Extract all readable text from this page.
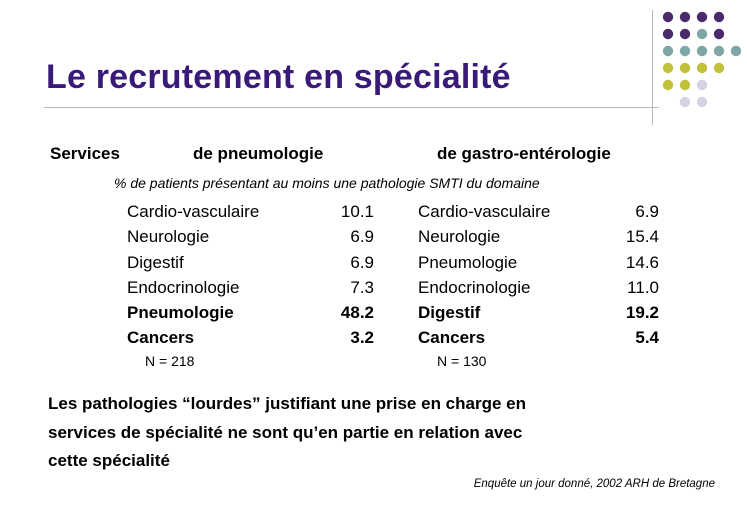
Le recrutement en spécialité
Services	de pneumologie	de gastro-entérologie
% de patients présentant au moins une pathologie SMTI du domaine
Cardio-vasculaire	10.1
Neurologie	6.9
Digestif	6.9
Endocrinologie	7.3
Pneumologie	48.2
Cancers	3.2
N = 218
Cardio-vasculaire	6.9
Neurologie	15.4
Pneumologie	14.6
Endocrinologie	11.0
Digestif	19.2
Cancers	5.4
N = 130
Les pathologies “lourdes” justifiant une prise en charge en
services de spécialité ne sont qu’en partie en relation avec
cette spécialité
Enquête un jour donné, 2002 ARH de Bretagne
